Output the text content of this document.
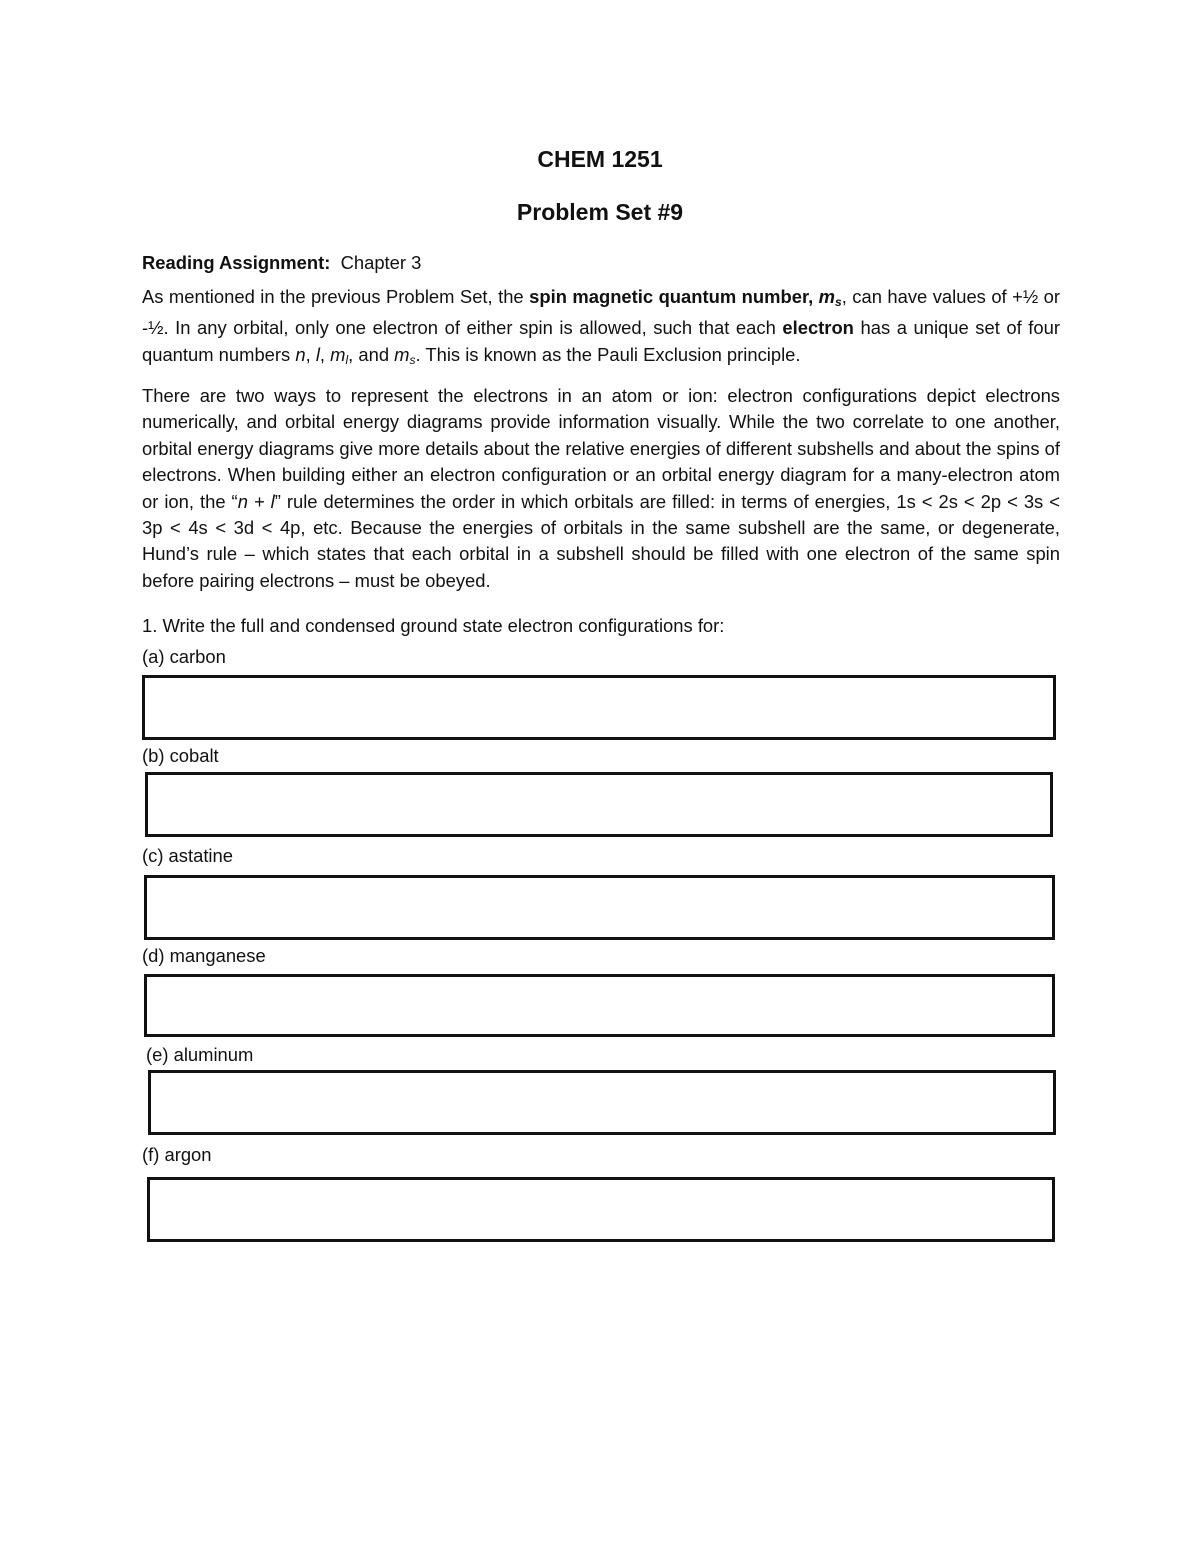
CHEM 1251
Problem Set #9

Reading Assignment: Chapter 3

As mentioned in the previous Problem Set, the spin magnetic quantum number, $m_s$, can have values of +½ or -½. In any orbital, only one electron of either spin is allowed, such that each electron has a unique set of four quantum numbers n, l, $m_l$, and $m_s$. This is known as the Pauli Exclusion principle.

There are two ways to represent the electrons in an atom or ion: electron configurations depict electrons numerically, and orbital energy diagrams provide information visually. While the two correlate to one another, orbital energy diagrams give more details about the relative energies of different subshells and about the spins of electrons. When building either an electron configuration or an orbital energy diagram for a many-electron atom or ion, the “n + l” rule determines the order in which orbitals are filled: in terms of energies, 1s < 2s < 2p < 3s < 3p < 4s < 3d < 4p, etc. Because the energies of orbitals in the same subshell are the same, or degenerate, Hund’s rule – which states that each orbital in a subshell should be filled with one electron of the same spin before pairing electrons – must be obeyed.

1. Write the full and condensed ground state electron configurations for:

(a) carbon
(b) cobalt
(c) astatine
(d) manganese
(e) aluminum
(f) argon
